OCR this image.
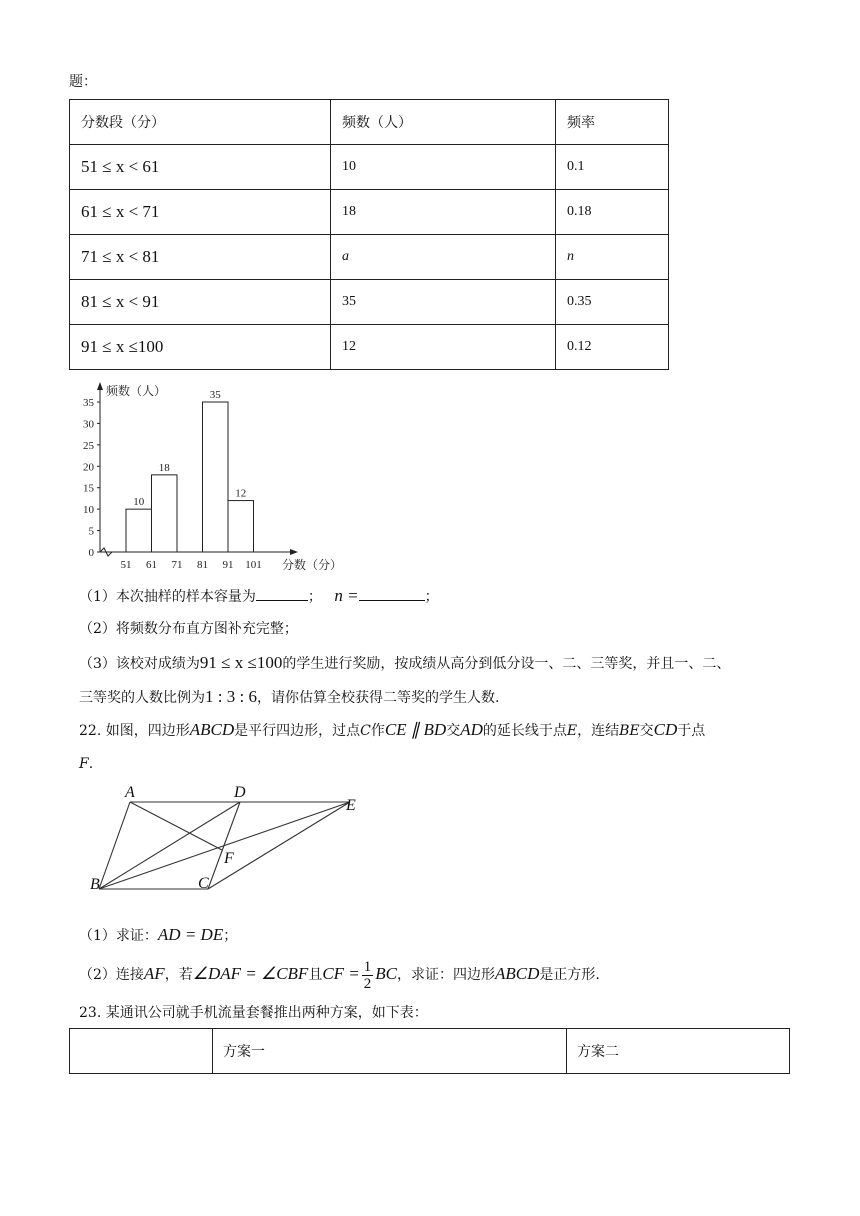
题：
分数段（分）	频数（人）	频率
51 ≤ x < 61	10	0.1
61 ≤ x < 71	18	0.18
71 ≤ x < 81	a	n
81 ≤ x < 91	35	0.35
91 ≤ x ≤100	12	0.12
0
5
10
15
20
25
30
35
51 61 71 81 91 101
10
18
35
12
频数（人）
分数（分）
（1）本次抽样的样本容量为	； n =	；
（2）将频数分布直方图补充完整；
（3）该校对成绩为91 ≤ x ≤100的学生进行奖励，按成绩从高分到低分设一、二、三等奖，并且一、二、
三等奖的人数比例为1 : 3 : 6，请你估算全校获得二等奖的学生人数.
22. 如图，四边形ABCD是平行四边形，过点C作CE ∥ BD交AD的延长线于点E，连结BE交CD于点
F.
A	D
E
F
B	C
（1）求证：AD = DE；
（2）连接AF，若∠DAF = ∠CBF且CF = $\frac{1}{2}$ BC，求证：四边形ABCD是正方形.
23. 某通讯公司就手机流量套餐推出两种方案，如下表：
	方案一	方案二
